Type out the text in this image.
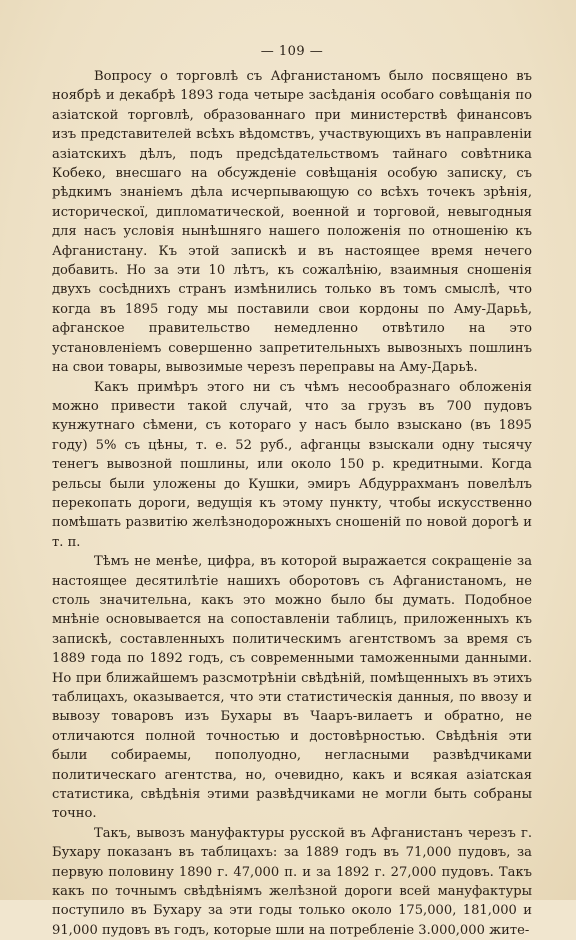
— 109 —

Вопросу о торговлѣ съ Афганистаномъ было посвящено въ ноябрѣ и декабрѣ 1893 года четыре засѣданія особаго совѣщанія по азіатской торговлѣ, образованнаго при министерствѣ финансовъ изъ представителей всѣхъ вѣдомствъ, участвующихъ въ направленіи азіатскихъ дѣлъ, подъ предсѣдательствомъ тайнаго совѣтника Кобеко, внесшаго на обсужденіе совѣщанія особую записку, съ рѣдкимъ знаніемъ дѣла исчерпывающую со всѣхъ точекъ зрѣнія, историческої, дипломатической, военной и торговой, невыгодныя для насъ условія нынѣшняго нашего положенія по отношенію къ Афганистану. Къ этой запискѣ и въ настоящее время нечего добавить. Но за эти 10 лѣтъ, къ сожалѣнію, взаимныя сношенія двухъ сосѣднихъ странъ измѣнились только въ томъ смыслѣ, что когда въ 1895 году мы поставили свои кордоны по Аму-Дарьѣ, афганское правительство немедленно отвѣтило на это установленіемъ совершенно запретительныхъ вывозныхъ пошлинъ на свои товары, вывозимые черезъ переправы на Аму-Дарьѣ.

Какъ примѣръ этого ни съ чѣмъ несообразнаго обложенія можно привести такой случай, что за грузъ въ 700 пудовъ кунжутнаго сѣмени, съ котораго у насъ было взыскано (въ 1895 году) 5% съ цѣны, т. е. 52 руб., афганцы взыскали одну тысячу тенегъ вывозной пошлины, или около 150 р. кредитными. Когда рельсы были уложены до Кушки, эмиръ Абдуррахманъ повелѣлъ перекопать дороги, ведущія къ этому пункту, чтобы искусственно помѣшать развитію желѣзнодорожныхъ сношеній по новой дорогѣ и т. п.

Тѣмъ не менѣе, цифра, въ которой выражается сокращеніе за настоящее десятилѣтіе нашихъ оборотовъ съ Афганистаномъ, не столь значительна, какъ это можно было бы думать. Подобное мнѣніе основывается на сопоставленіи таблицъ, приложенныхъ къ запискѣ, составленныхъ политическимъ агентствомъ за время съ 1889 года по 1892 годъ, съ современными таможенными данными. Но при ближайшемъ разсмотрѣніи свѣдѣній, помѣщенныхъ въ этихъ таблицахъ, оказывается, что эти статистическія данныя, по ввозу и вывозу товаровъ изъ Бухары въ Чааръ-вилаетъ и обратно, не отличаются полной точностью и достовѣрностью. Свѣдѣнія эти были собираемы, пополуодно, негласными развѣдчиками политическаго агентства, но, очевидно, какъ и всякая азіатская статистика, свѣдѣнія этими развѣдчиками не могли быть собраны точно.

Такъ, вывозъ мануфактуры русской въ Афганистанъ черезъ г. Бухару показанъ въ таблицахъ: за 1889 годъ въ 71,000 пудовъ, за первую половину 1890 г. 47,000 п. и за 1892 г. 27,000 пудовъ. Такъ какъ по точнымъ свѣдѣніямъ желѣзной дороги всей мануфактуры поступило въ Бухару за эти годы только около 175,000, 181,000 и 91,000 пудовъ въ годъ, которые шли на потребленіе 3.000,000 жите-
